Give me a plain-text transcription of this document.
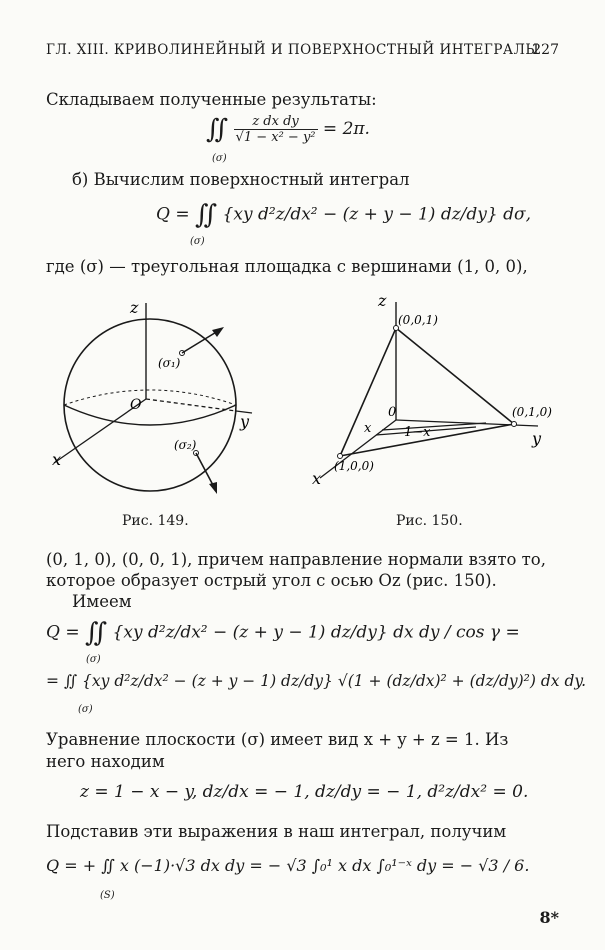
ГЛ. XIII. КРИВОЛИНЕЙНЫЙ И ПОВЕРХНОСТНЫЙ ИНТЕГРАЛЫ
227
Складываем полученные результаты:
∬ $\frac{\text{z dx dy}}{\text{√1 − x² − y²}} = 2\pi$.
(σ)
б) Вычислим поверхностный интеграл
Q = ∬ {xy d²z/dx² − (z + y − 1) dz/dy} dσ,
(σ)
где (σ) — треугольная площадка с вершинами (1, 0, 0),
z
y
x
O
(σ₁)
(σ₂)
Рис. 149.
z
y
x
0
(0,0,1)
(0,1,0)
(1,0,0)
x	1−x
Рис. 150.
(0, 1, 0), (0, 0, 1), причем направление нормали взято то,
которое образует острый угол с осью Oz (рис. 150).
Имеем
Q = ∬ {xy d²z/dx² − (z + y − 1) dz/dy} dx dy / cos γ =
(σ)
= ∬ {xy d²z/dx² − (z + y − 1) dz/dy} √(1 + (dz/dx)² + (dz/dy)²) dx dy.
(σ)
Уравнение плоскости (σ) имеет вид x + y + z = 1. Из
него находим
z = 1 − x − y, dz/dx = − 1, dz/dy = − 1, d²z/dx² = 0.
Подставив эти выражения в наш интеграл, получим
Q = + ∬ x (−1)·√3 dx dy = − √3 ∫₀¹ x dx ∫₀¹⁻ˣ dy = − √3 / 6.
(S)
8*
